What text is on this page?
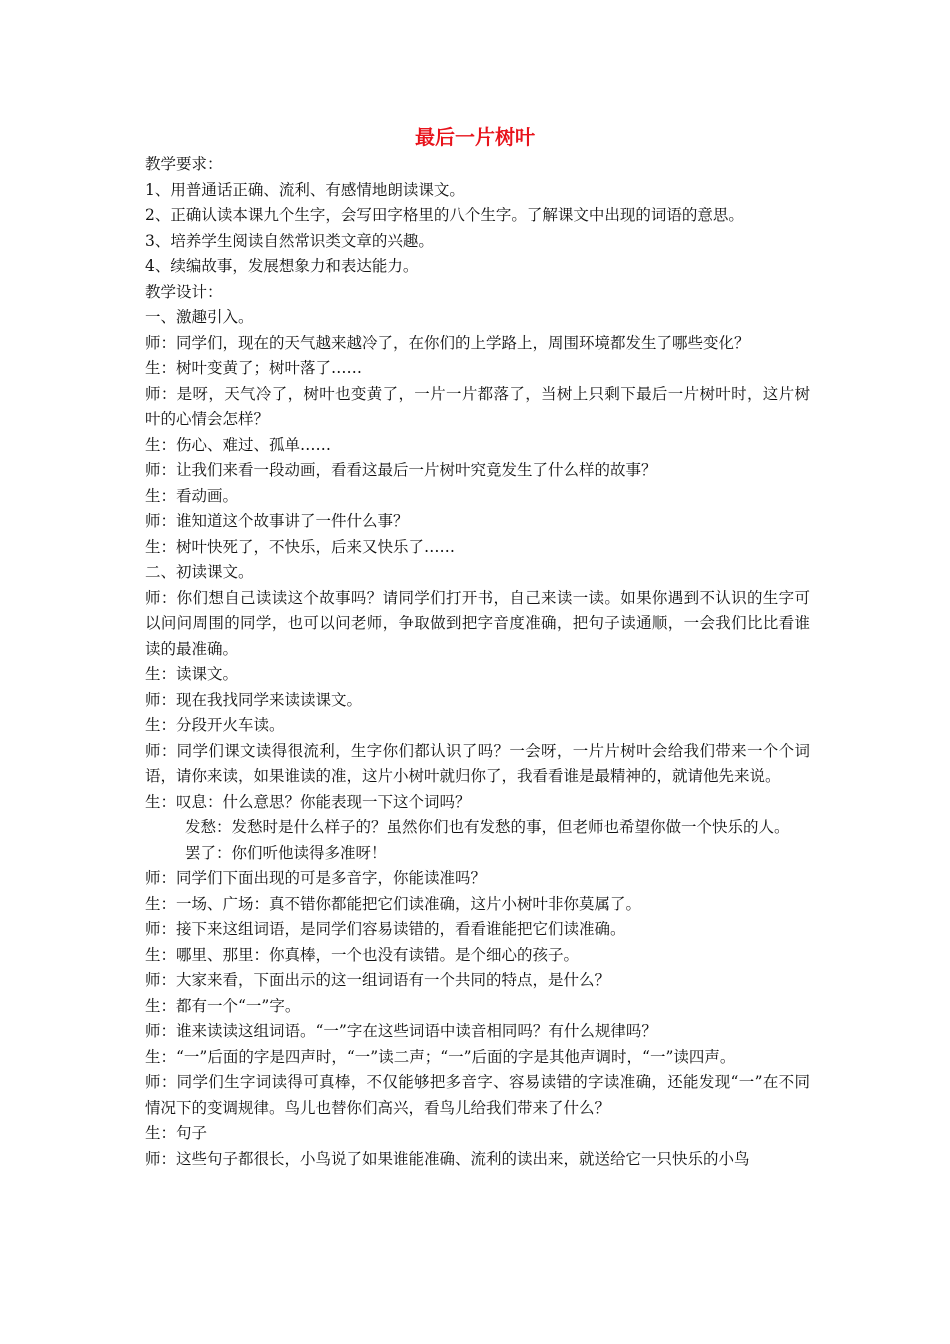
最后一片树叶

教学要求：

1、用普通话正确、流利、有感情地朗读课文。

2、正确认读本课九个生字，会写田字格里的八个生字。了解课文中出现的词语的意思。

3、培养学生阅读自然常识类文章的兴趣。

4、续编故事，发展想象力和表达能力。

教学设计：

一、激趣引入。

师：同学们，现在的天气越来越冷了，在你们的上学路上，周围环境都发生了哪些变化？

生：树叶变黄了；树叶落了……

师：是呀，天气冷了，树叶也变黄了，一片一片都落了，当树上只剩下最后一片树叶时，这片树叶的心情会怎样？

生：伤心、难过、孤单……

师：让我们来看一段动画，看看这最后一片树叶究竟发生了什么样的故事？

生：看动画。

师：谁知道这个故事讲了一件什么事？

生：树叶快死了，不快乐，后来又快乐了……

二、初读课文。

师：你们想自己读读这个故事吗？请同学们打开书，自己来读一读。如果你遇到不认识的生字可以问问周围的同学，也可以问老师，争取做到把字音度准确，把句子读通顺，一会我们比比看谁读的最准确。

生：读课文。

师：现在我找同学来读读课文。

生：分段开火车读。

师：同学们课文读得很流利，生字你们都认识了吗？一会呀，一片片树叶会给我们带来一个个词语，请你来读，如果谁读的准，这片小树叶就归你了，我看看谁是最精神的，就请他先来说。

生：叹息：什么意思？你能表现一下这个词吗？

发愁：发愁时是什么样子的？虽然你们也有发愁的事，但老师也希望你做一个快乐的人。

罢了：你们听他读得多准呀！

师：同学们下面出现的可是多音字，你能读准吗？

生：一场、广场：真不错你都能把它们读准确，这片小树叶非你莫属了。

师：接下来这组词语，是同学们容易读错的，看看谁能把它们读准确。

生：哪里、那里：你真棒，一个也没有读错。是个细心的孩子。

师：大家来看，下面出示的这一组词语有一个共同的特点，是什么？

生：都有一个“一”字。

师：谁来读读这组词语。“一”字在这些词语中读音相同吗？有什么规律吗？

生：“一”后面的字是四声时，“一”读二声；“一”后面的字是其他声调时，“一”读四声。

师：同学们生字词读得可真棒，不仅能够把多音字、容易读错的字读准确，还能发现“一”在不同情况下的变调规律。鸟儿也替你们高兴，看鸟儿给我们带来了什么？

生：句子

师：这些句子都很长，小鸟说了如果谁能准确、流利的读出来，就送给它一只快乐的小鸟
